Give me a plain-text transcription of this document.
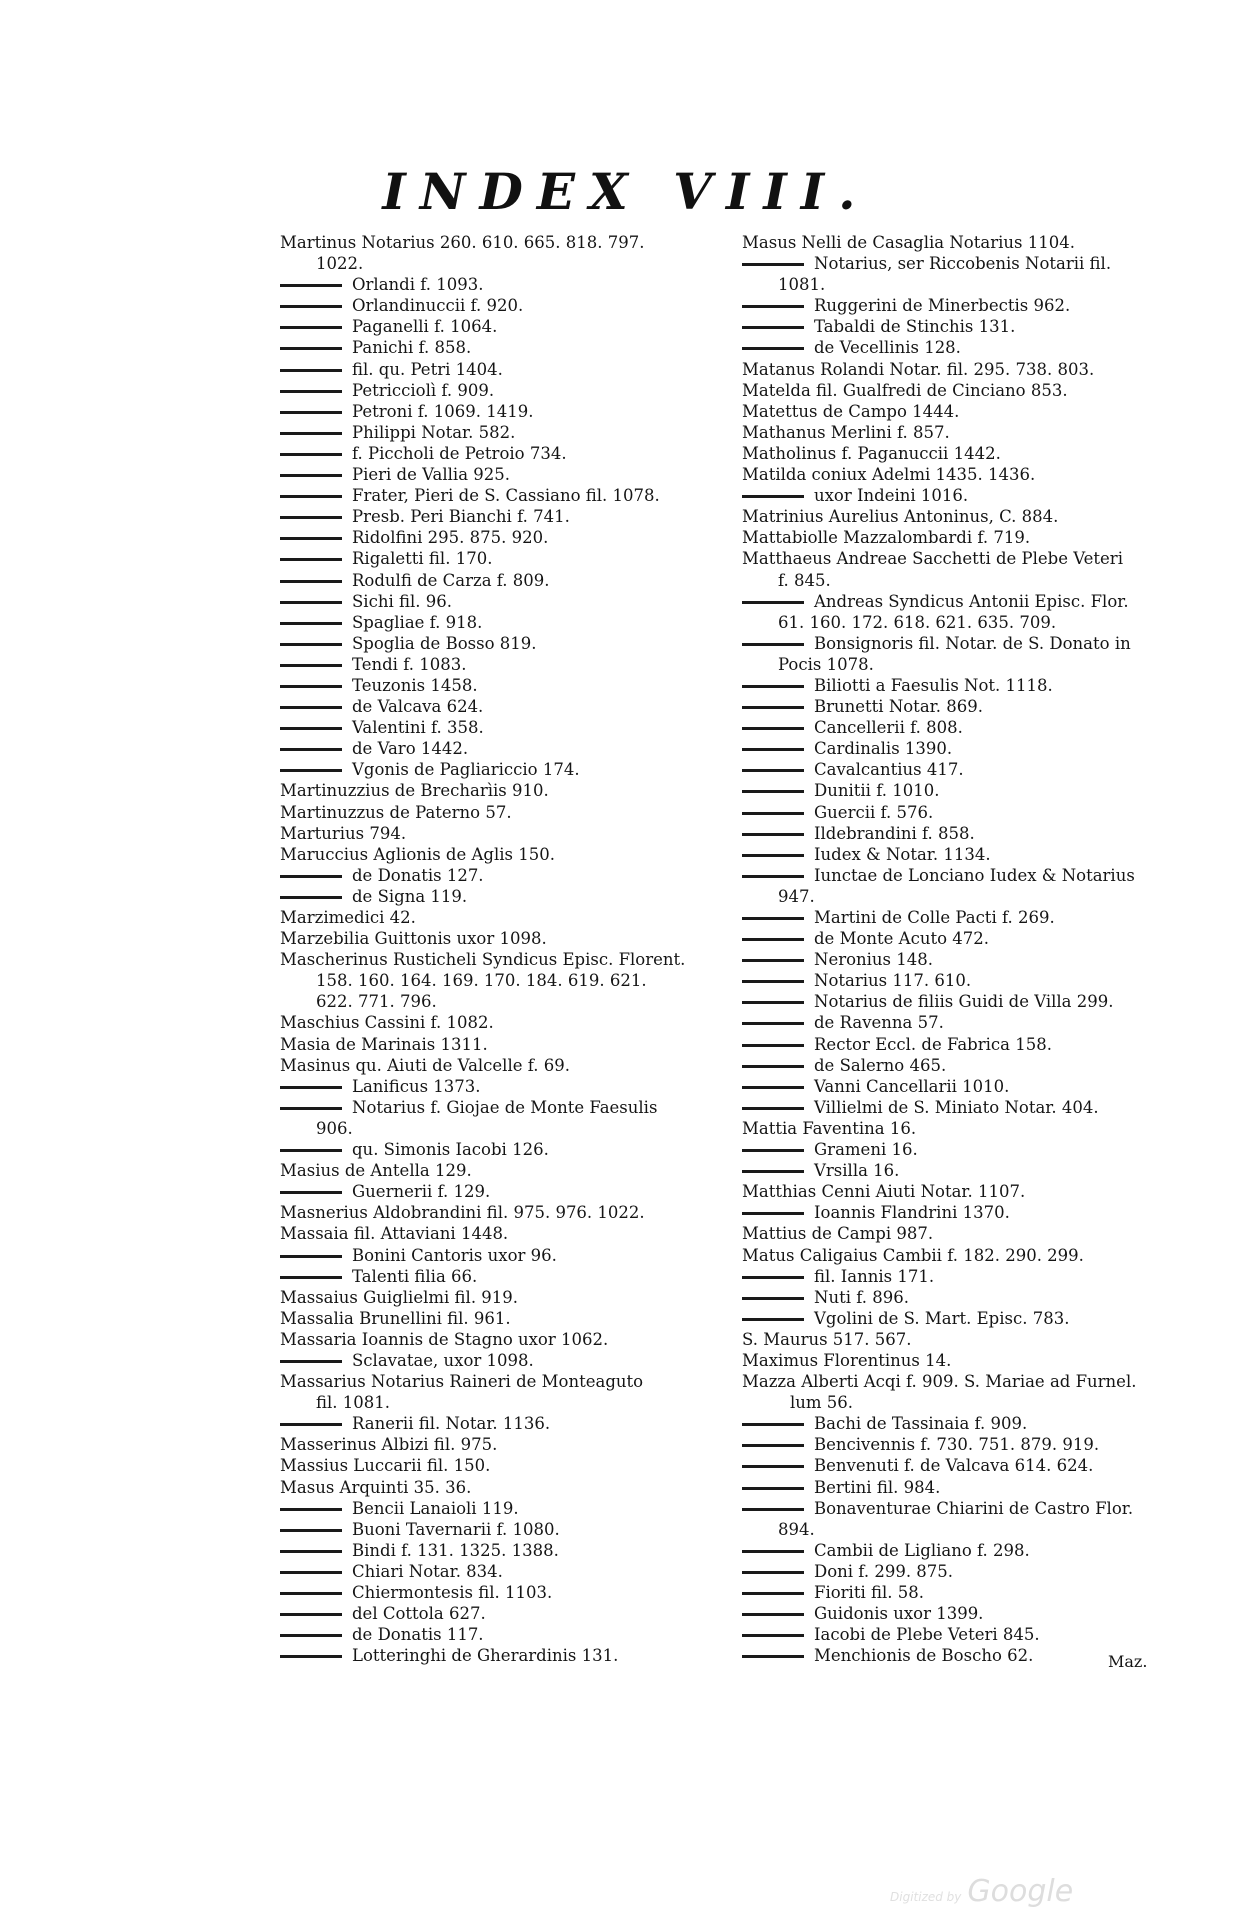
INDEX VIII.
Martinus Notarius 260. 610. 665. 818. 797.
1022.
Orlandi f. 1093.
Orlandinuccii f. 920.
Paganelli f. 1064.
Panichi f. 858.
fil. qu. Petri 1404.
Petricciolì f. 909.
Petroni f. 1069. 1419.
Philippi Notar. 582.
f. Piccholi de Petroio 734.
Pieri de Vallia 925.
Frater, Pieri de S. Cassiano fil. 1078.
Presb. Peri Bianchi f. 741.
Ridolfini 295. 875. 920.
Rigaletti fil. 170.
Rodulfi de Carza f. 809.
Sichi fil. 96.
Spagliae f. 918.
Spoglia de Bosso 819.
Tendi f. 1083.
Teuzonis 1458.
de Valcava 624.
Valentini f. 358.
de Varo 1442.
Vgonis de Pagliariccio 174.
Martinuzzius de Brecharìis 910.
Martinuzzus de Paterno 57.
Marturius 794.
Maruccius Aglionis de Aglis 150.
de Donatis 127.
de Signa 119.
Marzimedici 42.
Marzebilia Guittonis uxor 1098.
Mascherinus Rusticheli Syndicus Episc. Florent.
158. 160. 164. 169. 170. 184. 619. 621.
622. 771. 796.
Maschius Cassini f. 1082.
Masia de Marinais 1311.
Masinus qu. Aiuti de Valcelle f. 69.
Lanificus 1373.
Notarius f. Giojae de Monte Faesulis
906.
qu. Simonis Iacobi 126.
Masius de Antella 129.
Guernerii f. 129.
Masnerius Aldobrandini fil. 975. 976. 1022.
Massaia fil. Attaviani 1448.
Bonini Cantoris uxor 96.
Talenti filia 66.
Massaius Guiglielmi fil. 919.
Massalia Brunellini fil. 961.
Massaria Ioannis de Stagno uxor 1062.
Sclavatae, uxor 1098.
Massarius Notarius Raineri de Monteaguto
fil. 1081.
Ranerii fil. Notar. 1136.
Masserinus Albizi fil. 975.
Massius Luccarii fil. 150.
Masus Arquinti 35. 36.
Bencii Lanaioli 119.
Buoni Tavernarii f. 1080.
Bindi f. 131. 1325. 1388.
Chiari Notar. 834.
Chiermontesis fil. 1103.
del Cottola 627.
de Donatis 117.
Lotteringhi de Gherardinis 131.
Masus Nelli de Casaglia Notarius 1104.
Notarius, ser Riccobenis Notarii fil.
1081.
Ruggerini de Minerbectis 962.
Tabaldi de Stinchis 131.
de Vecellinis 128.
Matanus Rolandi Notar. fil. 295. 738. 803.
Matelda fil. Gualfredi de Cinciano 853.
Matettus de Campo 1444.
Mathanus Merlini f. 857.
Matholinus f. Paganuccii 1442.
Matilda coniux Adelmi 1435. 1436.
uxor Indeini 1016.
Matrinius Aurelius Antoninus, C. 884.
Mattabiolle Mazzalombardi f. 719.
Matthaeus Andreae Sacchetti de Plebe Veteri
f. 845.
Andreas Syndicus Antonii Episc. Flor.
61. 160. 172. 618. 621. 635. 709.
Bonsignoris fil. Notar. de S. Donato in
Pocis 1078.
Biliotti a Faesulis Not. 1118.
Brunetti Notar. 869.
Cancellerii f. 808.
Cardinalis 1390.
Cavalcantius 417.
Dunitii f. 1010.
Guercii f. 576.
Ildebrandini f. 858.
Iudex & Notar. 1134.
Iunctae de Lonciano Iudex & Notarius
947.
Martini de Colle Pacti f. 269.
de Monte Acuto 472.
Neronius 148.
Notarius 117. 610.
Notarius de filiis Guidi de Villa 299.
de Ravenna 57.
Rector Eccl. de Fabrica 158.
de Salerno 465.
Vanni Cancellarii 1010.
Villielmi de S. Miniato Notar. 404.
Mattia Faventina 16.
Grameni 16.
Vrsilla 16.
Matthias Cenni Aiuti Notar. 1107.
Ioannis Flandrini 1370.
Mattius de Campi 987.
Matus Caligaius Cambii f. 182. 290. 299.
fil. Iannis 171.
Nuti f. 896.
Vgolini de S. Mart. Episc. 783.
S. Maurus 517. 567.
Maximus Florentinus 14.
Mazza Alberti Acqi f. 909. S. Mariae ad Furnel.
lum 56.
Bachi de Tassinaia f. 909.
Bencivennis f. 730. 751. 879. 919.
Benvenuti f. de Valcava 614. 624.
Bertini fil. 984.
Bonaventurae Chiarini de Castro Flor.
894.
Cambii de Ligliano f. 298.
Doni f. 299. 875.
Fioriti fil. 58.
Guidonis uxor 1399.
Iacobi de Plebe Veteri 845.
Menchionis de Boscho 62.	Maz.
Digitized by Google
